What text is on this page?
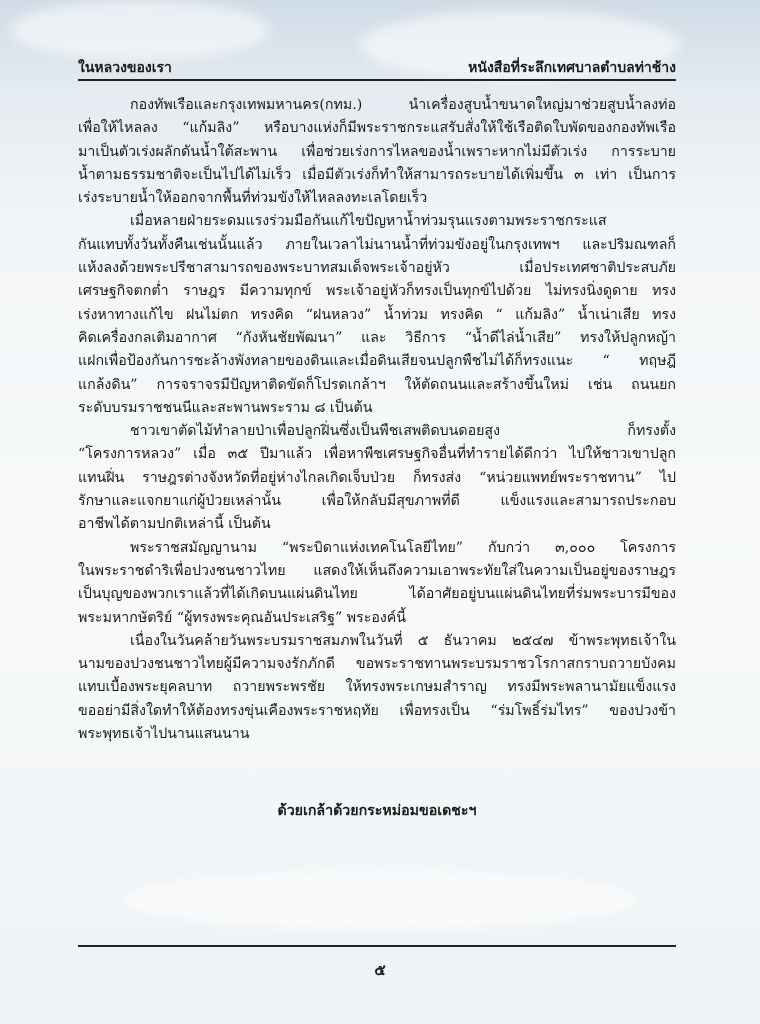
ในหลวงของเรา	หนังสือที่ระลึกเทศบาลตำบลท่าช้าง

กองทัพเรือและกรุงเทพมหานคร(กทม.) นำเครื่องสูบน้ำขนาดใหญ่มาช่วยสูบน้ำลงท่อ
เพื่อให้ไหลลง “แก้มลิง” หรือบางแห่งก็มีพระราชกระแสรับสั่งให้ใช้เรือติดใบพัดของกองทัพเรือ
มาเป็นตัวเร่งผลักดันน้ำใต้สะพาน เพื่อช่วยเร่งการไหลของน้ำเพราะหากไม่มีตัวเร่ง การระบาย
น้ำตามธรรมชาติจะเป็นไปได้ไม่เร็ว เมื่อมีตัวเร่งก็ทำให้สามารถระบายได้เพิ่มขึ้น ๓ เท่า เป็นการ
เร่งระบายน้ำให้ออกจากพื้นที่ท่วมขังให้ไหลลงทะเลโดยเร็ว

เมื่อหลายฝ่ายระดมแรงร่วมมือกันแก้ไขปัญหาน้ำท่วมรุนแรงตามพระราชกระแส
กันแทบทั้งวันทั้งคืนเช่นนั้นแล้ว ภายในเวลาไม่นานน้ำที่ท่วมขังอยู่ในกรุงเทพฯ และปริมณฑลก็
แห้งลงด้วยพระปรีชาสามารถของพระบาทสมเด็จพระเจ้าอยู่หัว เมื่อประเทศชาติประสบภัย
เศรษฐกิจตกต่ำ ราษฎร มีความทุกข์ พระเจ้าอยู่หัวก็ทรงเป็นทุกข์ไปด้วย ไม่ทรงนิ่งดูดาย ทรง
เร่งหาทางแก้ไข ฝนไม่ตก ทรงคิด “ฝนหลวง” น้ำท่วม ทรงคิด “ แก้มลิง” น้ำเน่าเสีย ทรง
คิดเครื่องกลเติมอากาศ “กังหันชัยพัฒนา” และ วิธีการ “น้ำดีไล่น้ำเสีย” ทรงให้ปลูกหญ้า
แฝกเพื่อป้องกันการชะล้างพังทลายของดินและเมื่อดินเสียจนปลูกพืชไม่ได้ก็ทรงแนะ “ ทฤษฎี
แกล้งดิน” การจราจรมีปัญหาติดขัดก็โปรดเกล้าฯ ให้ตัดถนนและสร้างขึ้นใหม่ เช่น ถนนยก
ระดับบรมราชชนนีและสะพานพระราม ๘ เป็นต้น

ชาวเขาตัดไม้ทำลายป่าเพื่อปลูกฝิ่นซึ่งเป็นพืชเสพติดบนดอยสูง ก็ทรงตั้ง
“โครงการหลวง” เมื่อ ๓๕ ปีมาแล้ว เพื่อหาพืชเศรษฐกิจอื่นที่ทำรายได้ดีกว่า ไปให้ชาวเขาปลูก
แทนฝิ่น ราษฎรต่างจังหวัดที่อยู่ห่างไกลเกิดเจ็บป่วย ก็ทรงส่ง “หน่วยแพทย์พระราชทาน” ไป
รักษาและแจกยาแก่ผู้ป่วยเหล่านั้น เพื่อให้กลับมีสุขภาพที่ดี แข็งแรงและสามารถประกอบ
อาชีพได้ตามปกติเหล่านี้ เป็นต้น

พระราชสมัญญานาม “พระบิดาแห่งเทคโนโลยีไทย” กับกว่า ๓,๐๐๐ โครงการ
ในพระราชดำริเพื่อปวงชนชาวไทย แสดงให้เห็นถึงความเอาพระทัยใส่ในความเป็นอยู่ของราษฎร
เป็นบุญของพวกเราแล้วที่ได้เกิดบนแผ่นดินไทย ได้อาศัยอยู่บนแผ่นดินไทยที่ร่มพระบารมีของ
พระมหากษัตริย์ “ผู้ทรงพระคุณอันประเสริฐ” พระองค์นี้

เนื่องในวันคล้ายวันพระบรมราชสมภพในวันที่ ๕ ธันวาคม ๒๕๔๗ ข้าพระพุทธเจ้าใน
นามของปวงชนชาวไทยผู้มีความจงรักภักดี ขอพระราชทานพระบรมราชวโรกาสกราบถวายบังคม
แทบเบื้องพระยุคลบาท ถวายพระพรชัย ให้ทรงพระเกษมสำราญ ทรงมีพระพลานามัยแข็งแรง
ขออย่ามีสิ่งใดทำให้ต้องทรงขุ่นเคืองพระราชหฤทัย เพื่อทรงเป็น “ร่มโพธิ์ร่มไทร” ของปวงข้า
พระพุทธเจ้าไปนานแสนนาน

ด้วยเกล้าด้วยกระหม่อมขอเดชะฯ
๕
